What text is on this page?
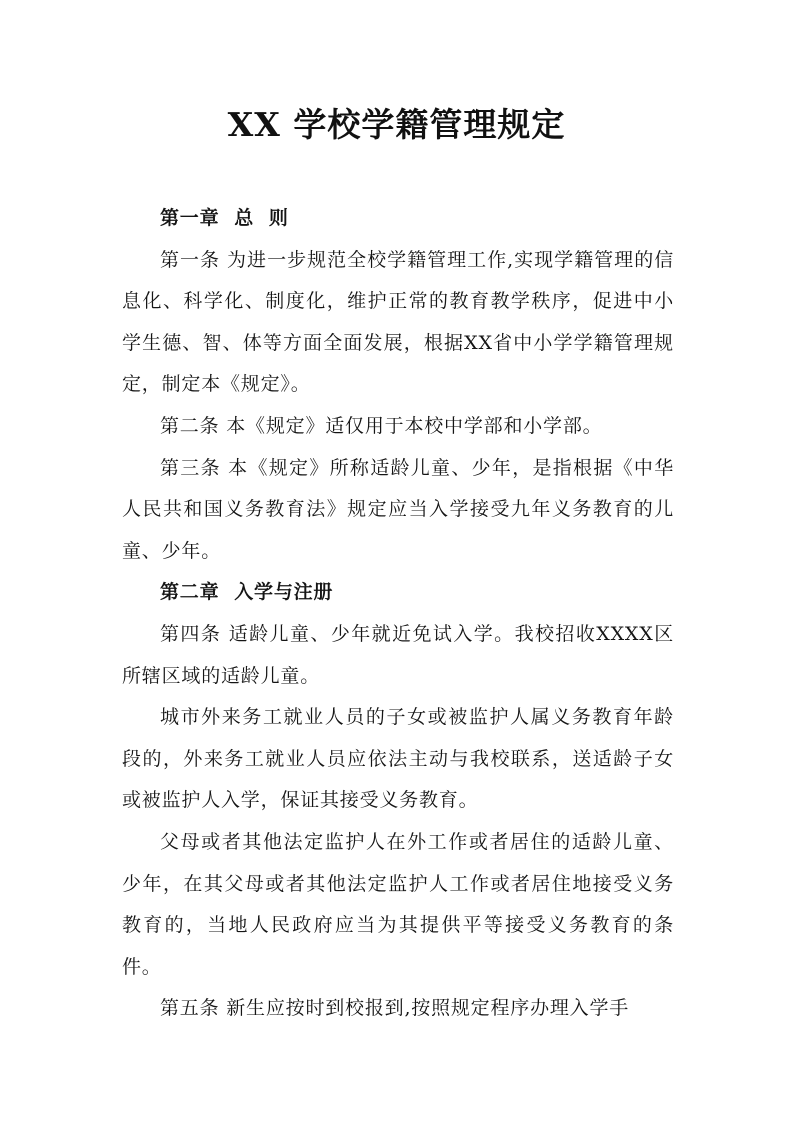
XX 学校学籍管理规定

第一章  总  则

第一条 为进一步规范全校学籍管理工作,实现学籍管理的信息化、科学化、制度化，维护正常的教育教学秩序，促进中小学生德、智、体等方面全面发展，根据XX省中小学学籍管理规定，制定本《规定》。

第二条 本《规定》适仅用于本校中学部和小学部。

第三条 本《规定》所称适龄儿童、少年，是指根据《中华人民共和国义务教育法》规定应当入学接受九年义务教育的儿童、少年。

第二章  入学与注册

第四条 适龄儿童、少年就近免试入学。我校招收XXXX区所辖区域的适龄儿童。

城市外来务工就业人员的子女或被监护人属义务教育年龄段的，外来务工就业人员应依法主动与我校联系，送适龄子女或被监护人入学，保证其接受义务教育。

父母或者其他法定监护人在外工作或者居住的适龄儿童、少年，在其父母或者其他法定监护人工作或者居住地接受义务教育的，当地人民政府应当为其提供平等接受义务教育的条件。

第五条 新生应按时到校报到,按照规定程序办理入学手
